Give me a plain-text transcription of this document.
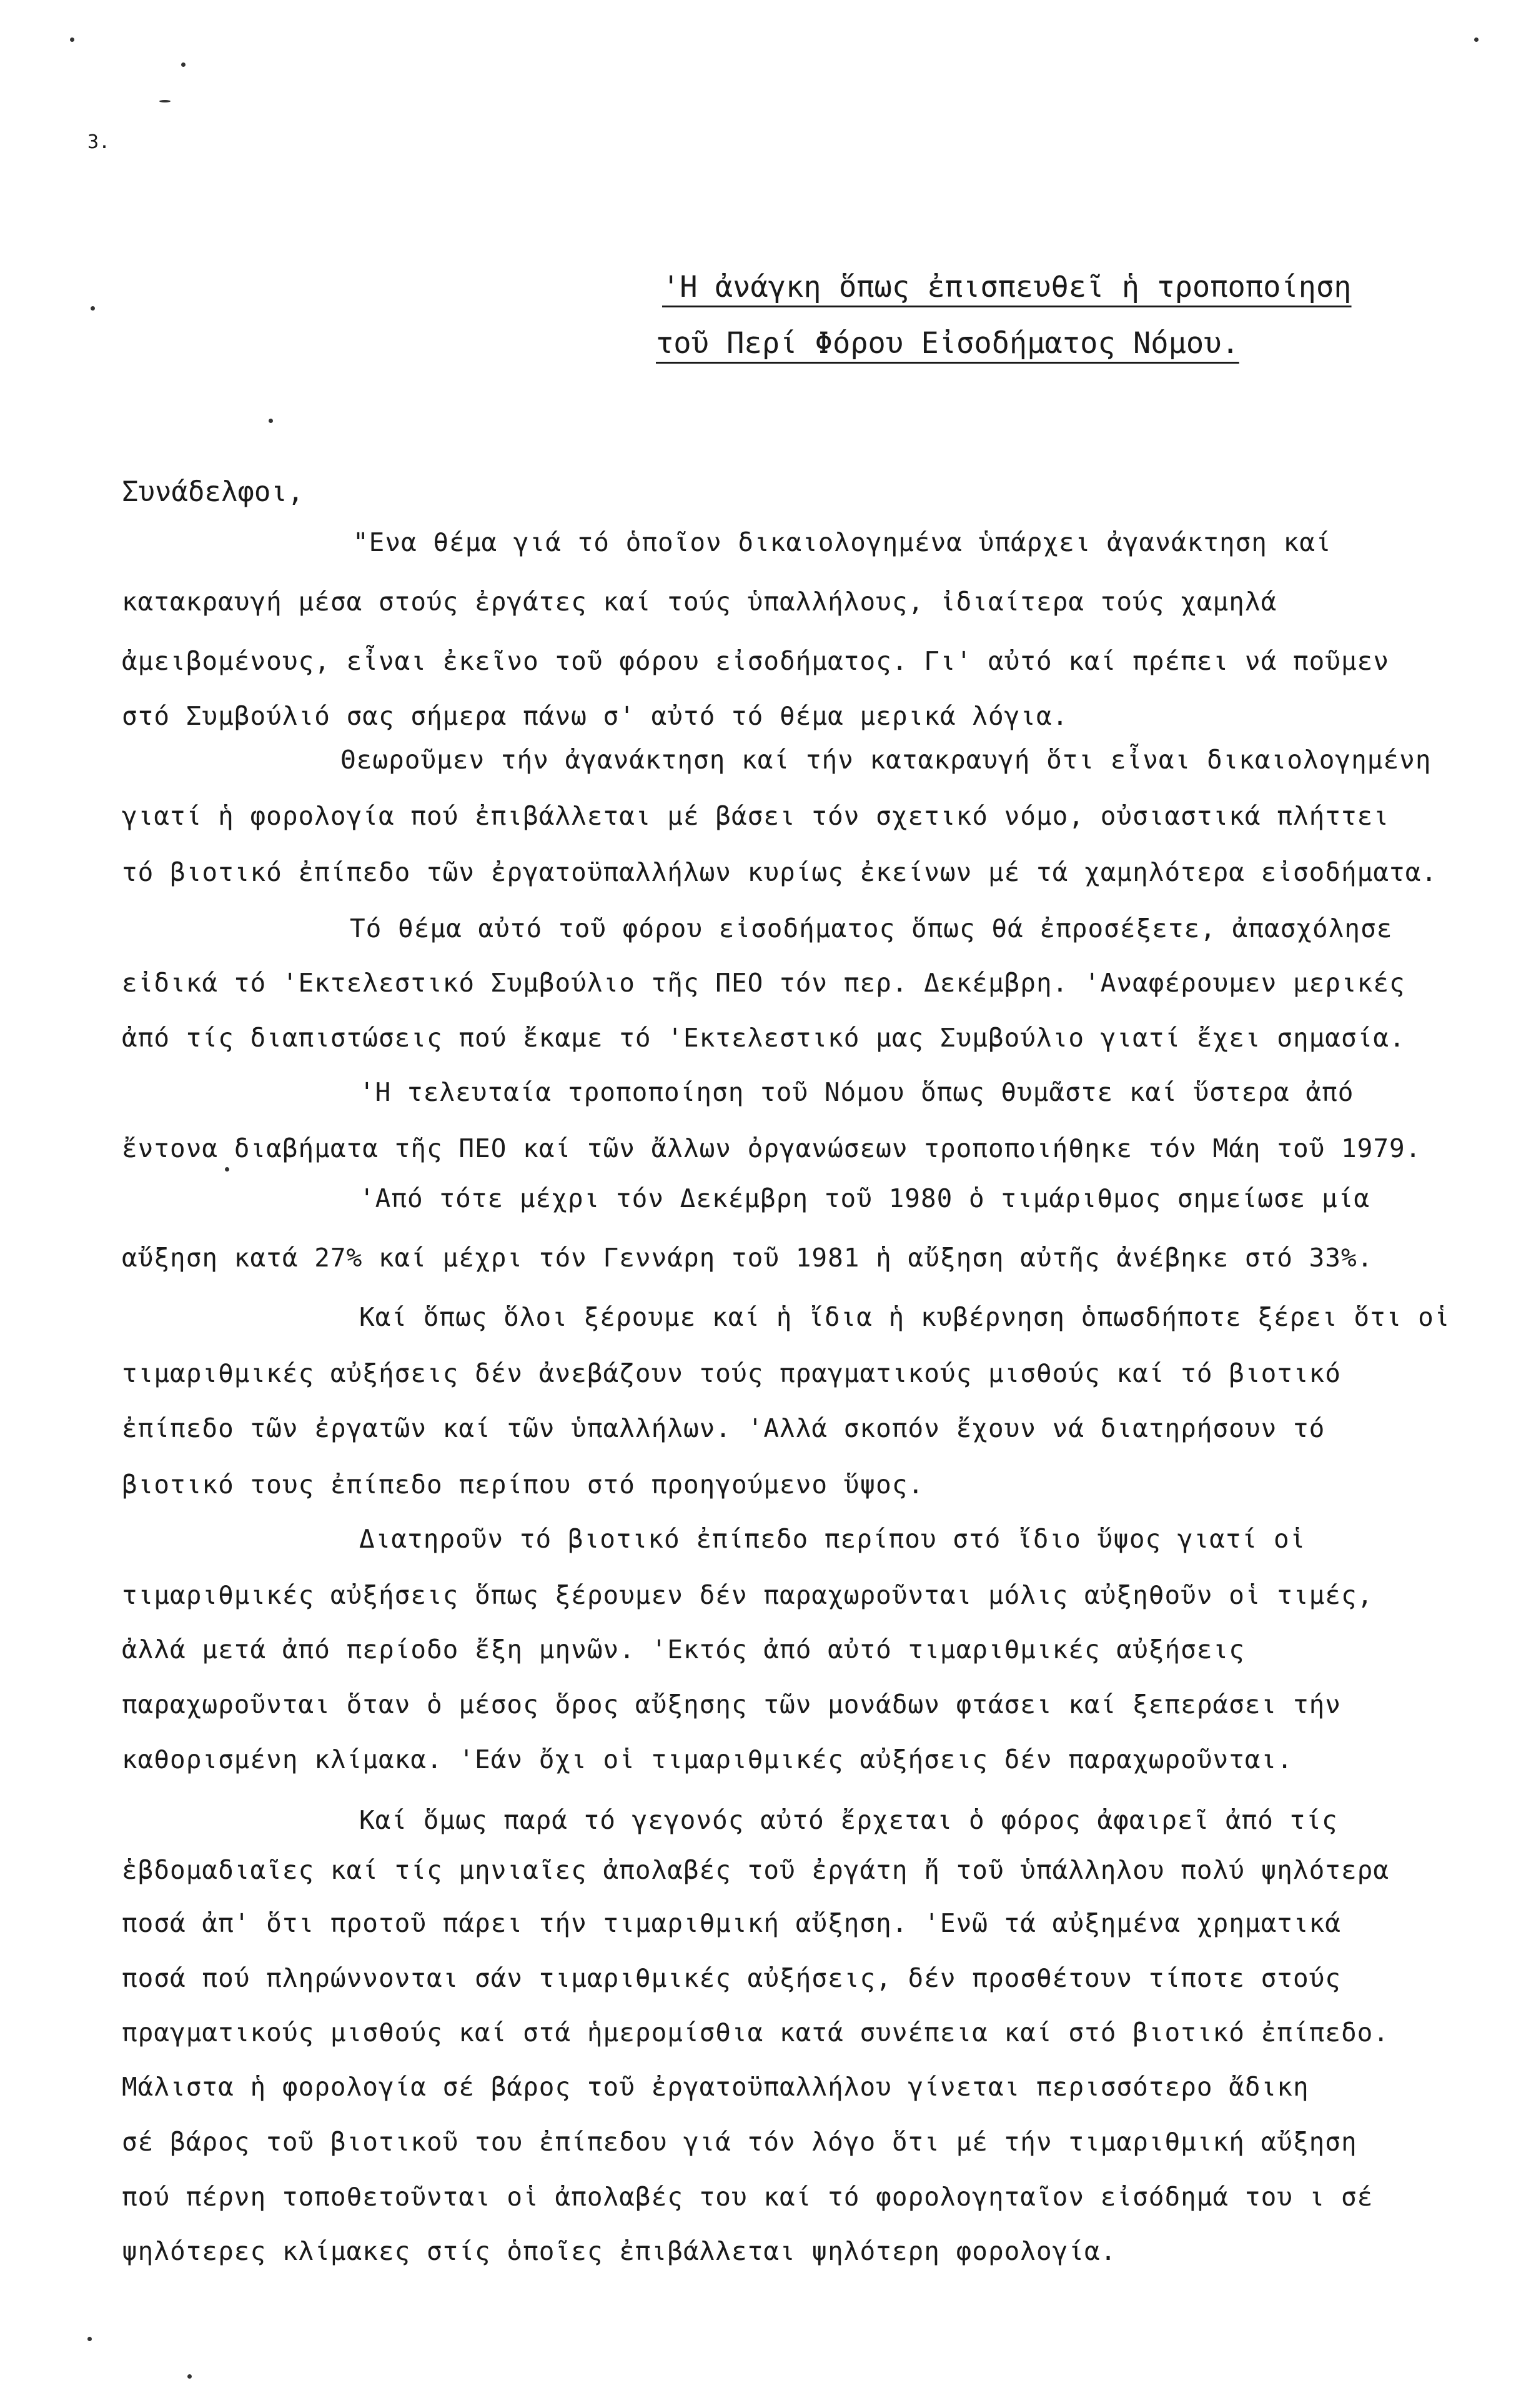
3.
'Η ἀνάγκη ὅπως ἐπισπευθεῖ ἡ τροποποίηση
τοῦ Περί Φόρου Εἰσοδήματος Νόμου.
Συνάδελφοι,
"Ενα θέμα γιά τό ὁποῖον δικαιολογημένα ὑπάρχει ἀγανάκτηση καί
κατακραυγή μέσα στούς ἐργάτες καί τούς ὑπαλλήλους, ἰδιαίτερα τούς χαμηλά
ἀμειβομένους, εἶναι ἐκεῖνο τοῦ φόρου εἰσοδήματος. Γι' αὐτό καί πρέπει νά ποῦμεν
στό Συμβούλιό σας σήμερα πάνω σ' αὐτό τό θέμα μερικά λόγια.
Θεωροῦμεν τήν ἀγανάκτηση καί τήν κατακραυγή ὅτι εἶναι δικαιολογημένη
γιατί ἡ φορολογία πού ἐπιβάλλεται μέ βάσει τόν σχετικό νόμο, οὐσιαστικά πλήττει
τό βιοτικό ἐπίπεδο τῶν ἐργατοϋπαλλήλων κυρίως ἐκείνων μέ τά χαμηλότερα εἰσοδήματα.
Τό θέμα αὐτό τοῦ φόρου εἰσοδήματος ὅπως θά ἐπροσέξετε, ἀπασχόλησε
εἰδικά τό 'Εκτελεστικό Συμβούλιο τῆς ΠΕΟ τόν περ. Δεκέμβρη. 'Αναφέρουμεν μερικές
ἀπό τίς διαπιστώσεις πού ἔκαμε τό 'Εκτελεστικό μας Συμβούλιο γιατί ἔχει σημασία.
'Η τελευταία τροποποίηση τοῦ Νόμου ὅπως θυμᾶστε καί ὕστερα ἀπό
ἔντονα διαβήματα τῆς ΠΕΟ καί τῶν ἄλλων ὀργανώσεων τροποποιήθηκε τόν Μάη τοῦ 1979.
'Από τότε μέχρι τόν Δεκέμβρη τοῦ 1980 ὁ τιμάριθμος σημείωσε μία
αὔξηση κατά 27% καί μέχρι τόν Γεννάρη τοῦ 1981 ἡ αὔξηση αὐτῆς ἀνέβηκε στό 33%.
Καί ὅπως ὅλοι ξέρουμε καί ἡ ἴδια ἡ κυβέρνηση ὁπωσδήποτε ξέρει ὅτι οἱ
τιμαριθμικές αὐξήσεις δέν ἀνεβάζουν τούς πραγματικούς μισθούς καί τό βιοτικό
ἐπίπεδο τῶν ἐργατῶν καί τῶν ὑπαλλήλων. 'Αλλά σκοπόν ἔχουν νά διατηρήσουν τό
βιοτικό τους ἐπίπεδο περίπου στό προηγούμενο ὕψος.
Διατηροῦν τό βιοτικό ἐπίπεδο περίπου στό ἴδιο ὕψος γιατί οἱ
τιμαριθμικές αὐξήσεις ὅπως ξέρουμεν δέν παραχωροῦνται μόλις αὐξηθοῦν οἱ τιμές,
ἀλλά μετά ἀπό περίοδο ἔξη μηνῶν. 'Εκτός ἀπό αὐτό τιμαριθμικές αὐξήσεις
παραχωροῦνται ὅταν ὁ μέσος ὅρος αὔξησης τῶν μονάδων φτάσει καί ξεπεράσει τήν
καθορισμένη κλίμακα. 'Εάν ὄχι οἱ τιμαριθμικές αὐξήσεις δέν παραχωροῦνται.
Καί ὅμως παρά τό γεγονός αὐτό ἔρχεται ὁ φόρος ἀφαιρεῖ ἀπό τίς
ἑβδομαδιαῖες καί τίς μηνιαῖες ἀπολαβές τοῦ ἐργάτη ἤ τοῦ ὑπάλληλου πολύ ψηλότερα
ποσά ἀπ' ὅτι προτοῦ πάρει τήν τιμαριθμική αὔξηση. 'Ενῶ τά αὐξημένα χρηματικά
ποσά πού πληρώννονται σάν τιμαριθμικές αὐξήσεις, δέν προσθέτουν τίποτε στούς
πραγματικούς μισθούς καί στά ἡμερομίσθια κατά συνέπεια καί στό βιοτικό ἐπίπεδο.
Μάλιστα ἡ φορολογία σέ βάρος τοῦ ἐργατοϋπαλλήλου γίνεται περισσότερο ἄδικη
σέ βάρος τοῦ βιοτικοῦ του ἐπίπεδου γιά τόν λόγο ὅτι μέ τήν τιμαριθμική αὔξηση
πού πέρνη τοποθετοῦνται οἱ ἀπολαβές του καί τό φορολογηταῖον εἰσόδημά του ι σέ
ψηλότερες κλίμακες στίς ὁποῖες ἐπιβάλλεται ψηλότερη φορολογία.
